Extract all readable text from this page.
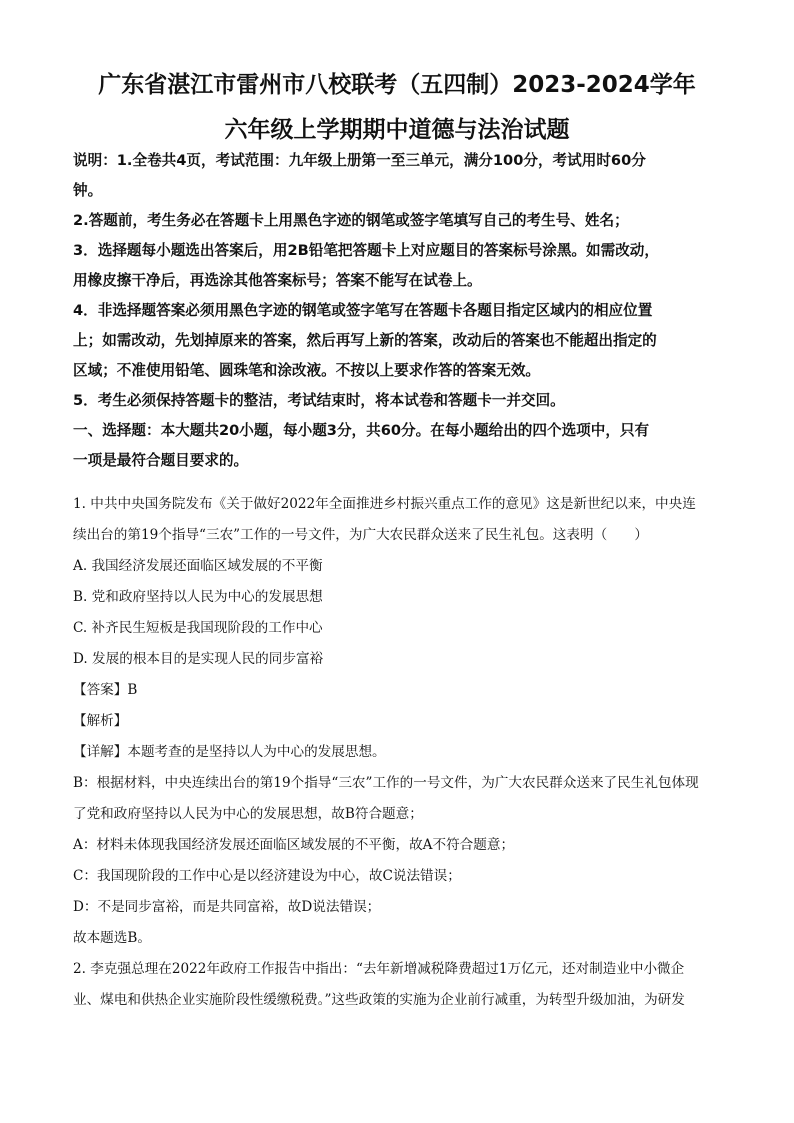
广东省湛江市雷州市八校联考（五四制）2023-2024学年
六年级上学期期中道德与法治试题
说明：1.全卷共4页，考试范围：九年级上册第一至三单元，满分100分，考试用时60分
钟。
2.答题前，考生务必在答题卡上用黑色字迹的钢笔或签字笔填写自己的考生号、姓名；
3．选择题每小题选出答案后，用2B铅笔把答题卡上对应题目的答案标号涂黑。如需改动，
用橡皮擦干净后，再选涂其他答案标号；答案不能写在试卷上。
4．非选择题答案必须用黑色字迹的钢笔或签字笔写在答题卡各题目指定区域内的相应位置
上；如需改动，先划掉原来的答案，然后再写上新的答案，改动后的答案也不能超出指定的
区域；不准使用铅笔、圆珠笔和涂改液。不按以上要求作答的答案无效。
5．考生必须保持答题卡的整洁，考试结束时，将本试卷和答题卡一并交回。
一、选择题：本大题共20小题，每小题3分，共60分。在每小题给出的四个选项中，只有
一项是最符合题目要求的。
1. 中共中央国务院发布《关于做好2022年全面推进乡村振兴重点工作的意见》这是新世纪以来，中央连
续出台的第19个指导“三农”工作的一号文件，为广大农民群众送来了民生礼包。这表明（　　）
A. 我国经济发展还面临区域发展的不平衡
B. 党和政府坚持以人民为中心的发展思想
C. 补齐民生短板是我国现阶段的工作中心
D. 发展的根本目的是实现人民的同步富裕
【答案】B
【解析】
【详解】本题考查的是坚持以人为中心的发展思想。
B：根据材料，中央连续出台的第19个指导“三农”工作的一号文件，为广大农民群众送来了民生礼包体现
了党和政府坚持以人民为中心的发展思想，故B符合题意；
A：材料未体现我国经济发展还面临区域发展的不平衡，故A不符合题意；
C：我国现阶段的工作中心是以经济建设为中心，故C说法错误；
D：不是同步富裕，而是共同富裕，故D说法错误；
故本题选B。
2. 李克强总理在2022年政府工作报告中指出：“去年新增减税降费超过1万亿元，还对制造业中小微企
业、煤电和供热企业实施阶段性缓缴税费。”这些政策的实施为企业前行减重，为转型升级加油，为研发
